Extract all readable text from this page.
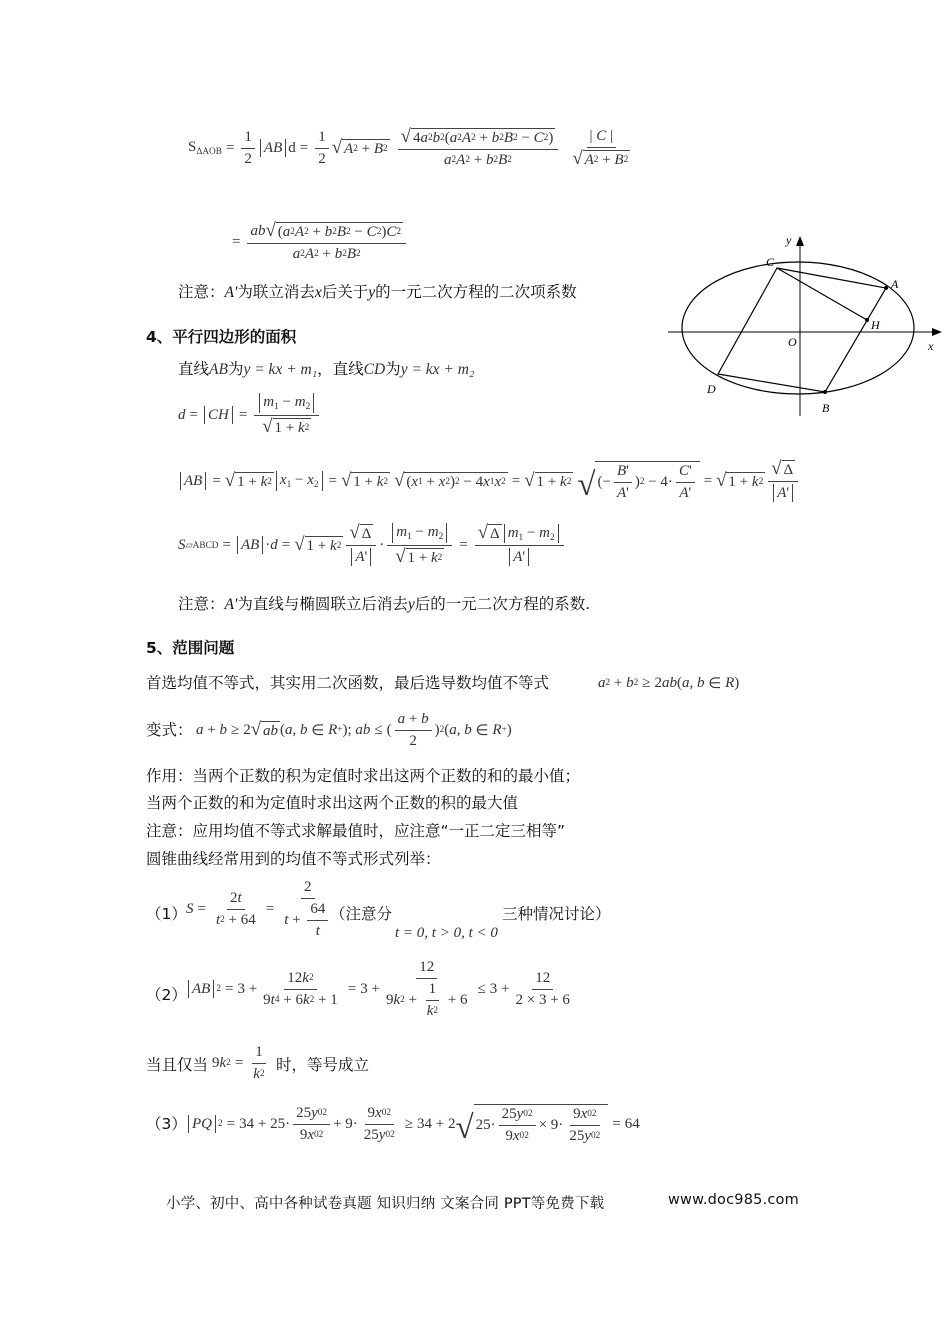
$S_{\Delta AOB} = \frac{1}{2}$ AB $d = \frac{1}{2}$ √ A 2 + B $2 \frac{√ 4 a 2 b 2 ( a 2 A 2 + b 2 B 2 - C 2 )}{a 2 A 2 + b 2 B 2} \frac{| C |}{√ A 2 + B 2}$
= $\frac{ab √ ( a 2 A 2 + b 2 B 2 - C 2 ) C 2}{a 2 A 2 + b 2 B 2}$
注意：A'为联立消去x后关于y的一元二次方程的二次项系数
y
x
O
C
A
H
D
B
4、平行四边形的面积
直线AB为y = kx + m₁，直线CD为y = kx + m₂
d = CH = $\frac{m_1 - m_2}{√ 1 + k 2}$
AB = √ 1 + k 2 $x_1 - x_2$ = √ 1 + k 2 √ ( x 1 + x 2 ) 2 − 4 x 1 x 2 = √ 1 + k 2 √ (− $\frac{B '}{A '}$ ) $2 - 4\cdot \frac{C '}{A '}$ = √ 1 + k $2 \frac{√ \Delta}{A'}$
S ▱ABCD = AB · d = √ 1 + k $2 \frac{√ \Delta}{A'} \cdot \frac{m_1 - m_2}{√ 1 + k 2} = \frac{√ \Delta m_1 - m_2}{A'}$
注意：A'为直线与椭圆联立后消去y后的一元二次方程的系数.
5、范围问题
首选均值不等式，其实用二次函数，最后选导数均值不等式	a 2 + b 2 ≥ 2 ab ( a , b ∈ R )
变式： a + b ≥ 2 √ ab ( a , b ∈ R + ); ab ≤ ( $\frac{a + b}{2}$ ) 2 ( a , b ∈ R + )
作用：当两个正数的积为定值时求出这两个正数的和的最小值；
当两个正数的和为定值时求出这两个正数的积的最大值
注意：应用均值不等式求解最值时，应注意“一正二定三相等”
圆锥曲线经常用到的均值不等式形式列举：
（1） $S = \frac{2 t}{t 2 + 64} = \frac{2}{t + \frac{64}{t}}$
（注意分
t = 0, t > 0, t < 0
三种情况讨论）
（2） AB $2 = 3 + \frac{12 k 2}{9 t 4 + 6 k 2 + 1} = 3 + \frac{12}{9 k 2 + \frac{1}{k 2} + 6} \le 3 + \frac{12}{2 \times 3 + 6}$
当且仅当 9 k $2 = \frac{1}{k 2}$ 时，等号成立
（3） PQ $2 = 34 + 25\cdot \frac{25 y 0 2}{9 x 0 2} + 9\cdot \frac{9 x 0 2}{25 y 0 2} \ge 34 + 2$ √ $25\cdot \frac{25 y 0 2}{9 x 0 2} \times 9\cdot \frac{9 x 0 2}{25 y 0 2} = 64$
小学、初中、高中各种试卷真题 知识归纳 文案合同 PPT等免费下载	www.doc985.com
